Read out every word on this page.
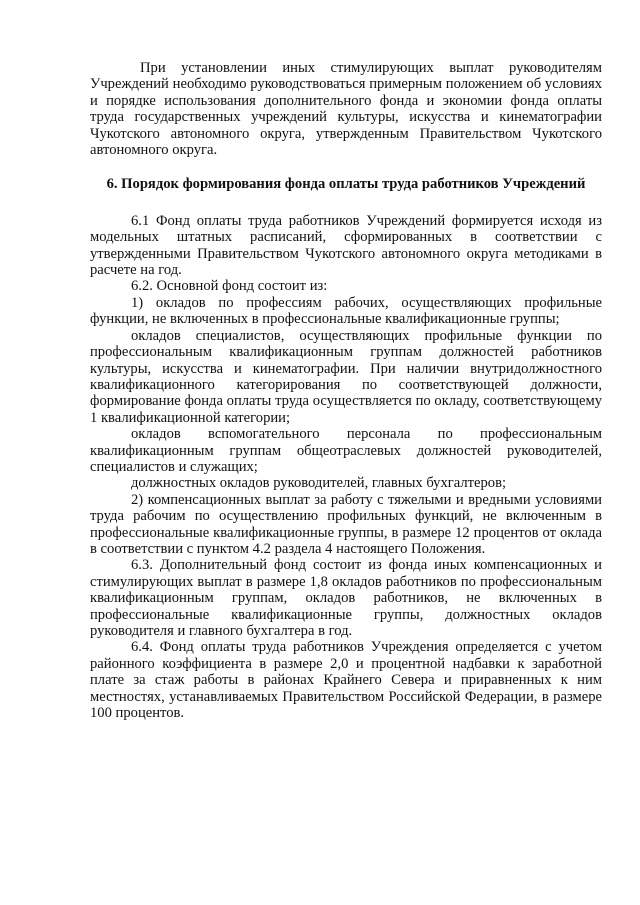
При установлении иных стимулирующих выплат руководителям Учреждений необходимо руководствоваться примерным положением об условиях и порядке использования дополнительного фонда и экономии фонда оплаты труда государственных учреждений культуры, искусства и кинематографии Чукотского автономного округа, утвержденным Правительством Чукотского автономного округа.

6. Порядок формирования фонда оплаты труда работников Учреждений

6.1 Фонд оплаты труда работников Учреждений формируется исходя из модельных штатных расписаний, сформированных в соответствии с утвержденными Правительством Чукотского автономного округа методиками в расчете на год.

6.2. Основной фонд состоит из:

1) окладов по профессиям рабочих, осуществляющих профильные функции, не включенных в профессиональные квалификационные группы;

окладов специалистов, осуществляющих профильные функции по профессиональным квалификационным группам должностей работников культуры, искусства и кинематографии. При наличии внутридолжностного квалификационного категорирования по соответствующей должности, формирование фонда оплаты труда осуществляется по окладу, соответствующему 1 квалификационной категории;

окладов вспомогательного персонала по профессиональным квалификационным группам общеотраслевых должностей руководителей, специалистов и служащих;

должностных окладов руководителей, главных бухгалтеров;

2) компенсационных выплат за работу с тяжелыми и вредными условиями труда рабочим по осуществлению профильных функций, не включенным в профессиональные квалификационные группы, в размере 12 процентов от оклада в соответствии с пунктом 4.2 раздела 4 настоящего Положения.

6.3. Дополнительный фонд состоит из фонда иных компенсационных и стимулирующих выплат в размере 1,8 окладов работников по профессиональным квалификационным группам, окладов работников, не включенных в профессиональные квалификационные группы, должностных окладов руководителя и главного бухгалтера в год.

6.4. Фонд оплаты труда работников Учреждения определяется с учетом районного коэффициента в размере 2,0 и процентной надбавки к заработной плате за стаж работы в районах Крайнего Севера и приравненных к ним местностях, устанавливаемых Правительством Российской Федерации, в размере 100 процентов.
